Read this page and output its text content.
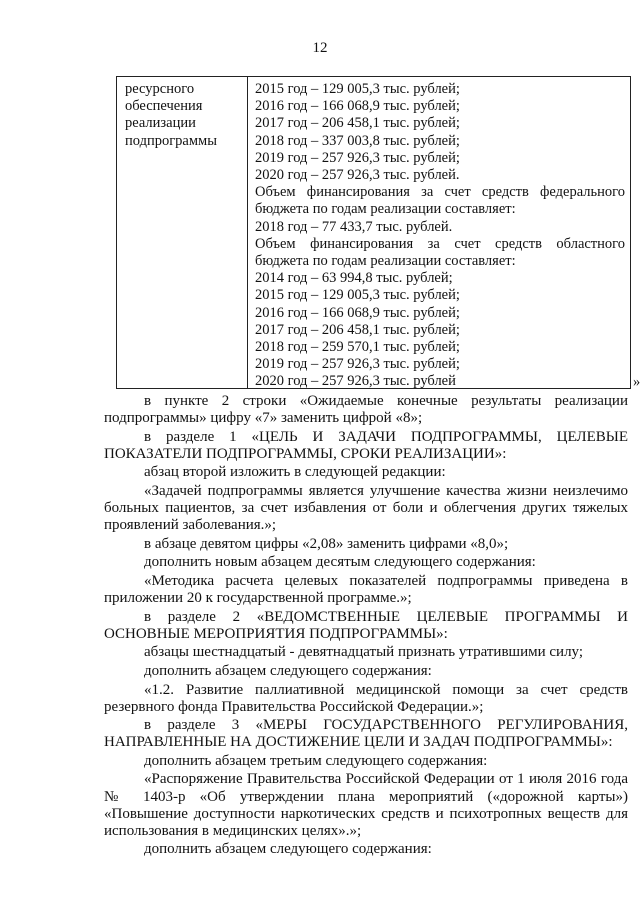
12
ресурсного
обеспечения
реализации
подпрограммы
2015 год – 129 005,3 тыс. рублей;
2016 год – 166 068,9 тыс. рублей;
2017 год – 206 458,1 тыс. рублей;
2018 год – 337 003,8 тыс. рублей;
2019 год – 257 926,3 тыс. рублей;
2020 год – 257 926,3 тыс. рублей.
Объем финансирования за счет средств федерального
бюджета по годам реализации составляет:
2018 год – 77 433,7 тыс. рублей.
Объем финансирования за счет средств областного
бюджета по годам реализации составляет:
2014 год – 63 994,8 тыс. рублей;
2015 год – 129 005,3 тыс. рублей;
2016 год – 166 068,9 тыс. рублей;
2017 год – 206 458,1 тыс. рублей;
2018 год – 259 570,1 тыс. рублей;
2019 год – 257 926,3 тыс. рублей;
2020 год – 257 926,3 тыс. рублей	»

в пункте 2 строки «Ожидаемые конечные результаты реализации
подпрограммы» цифру «7» заменить цифрой «8»;

в разделе 1 «ЦЕЛЬ И ЗАДАЧИ ПОДПРОГРАММЫ, ЦЕЛЕВЫЕ
ПОКАЗАТЕЛИ ПОДПРОГРАММЫ, СРОКИ РЕАЛИЗАЦИИ»:

абзац второй изложить в следующей редакции:

«Задачей подпрограммы является улучшение качества жизни неизлечимо
больных пациентов, за счет избавления от боли и облегчения других тяжелых
проявлений заболевания.»;

в абзаце девятом цифры «2,08» заменить цифрами «8,0»;

дополнить новым абзацем десятым следующего содержания:

«Методика расчета целевых показателей подпрограммы приведена в
приложении 20 к государственной программе.»;

в разделе 2 «ВЕДОМСТВЕННЫЕ ЦЕЛЕВЫЕ ПРОГРАММЫ И
ОСНОВНЫЕ МЕРОПРИЯТИЯ ПОДПРОГРАММЫ»:

абзацы шестнадцатый - девятнадцатый признать утратившими силу;

дополнить абзацем следующего содержания:

«1.2. Развитие паллиативной медицинской помощи за счет средств
резервного фонда Правительства Российской Федерации.»;

в разделе 3 «МЕРЫ ГОСУДАРСТВЕННОГО РЕГУЛИРОВАНИЯ,
НАПРАВЛЕННЫЕ НА ДОСТИЖЕНИЕ ЦЕЛИ И ЗАДАЧ ПОДПРОГРАММЫ»:

дополнить абзацем третьим следующего содержания:

«Распоряжение Правительства Российской Федерации от 1 июля 2016 года
№ 1403-р «Об утверждении плана мероприятий («дорожной карты»)
«Повышение доступности наркотических средств и психотропных веществ для
использования в медицинских целях».»;

дополнить абзацем следующего содержания:
